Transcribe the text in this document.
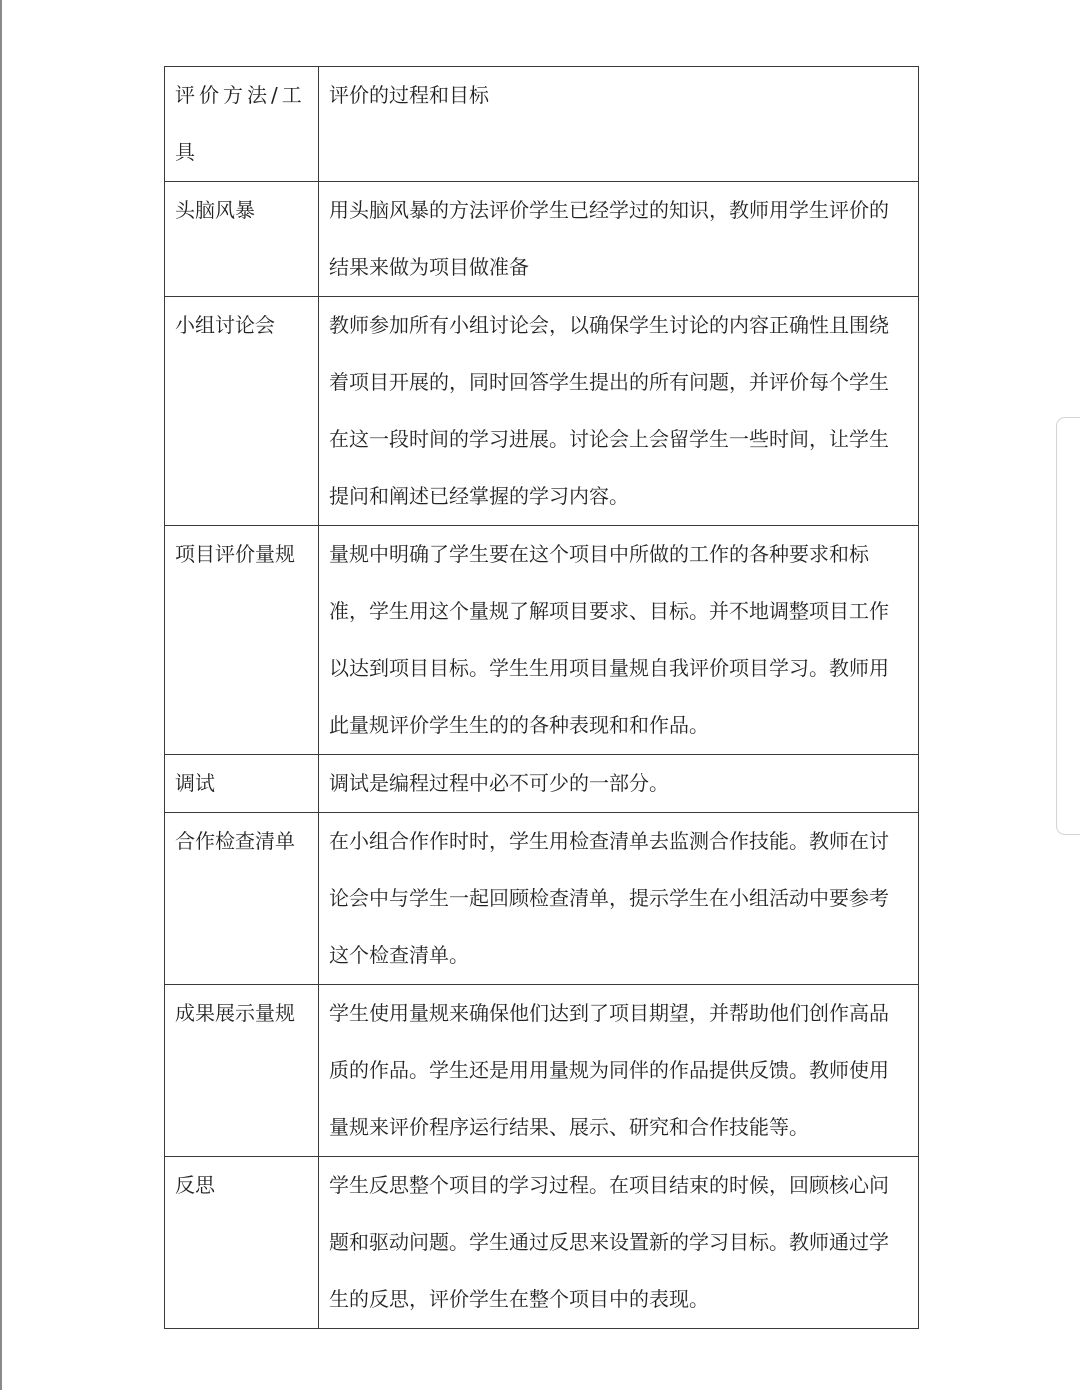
评价方法/工具	评价的过程和目标

头脑风暴	用头脑风暴的方法评价学生已经学过的知识，教师用学生评价的结果来做为项目做准备

小组讨论会	教师参加所有小组讨论会，以确保学生讨论的内容正确性且围绕着项目开展的，同时回答学生提出的所有问题，并评价每个学生在这一段时间的学习进展。讨论会上会留学生一些时间，让学生提问和阐述已经掌握的学习内容。

项目评价量规	量规中明确了学生要在这个项目中所做的工作的各种要求和标准，学生用这个量规了解项目要求、目标。并不地调整项目工作以达到项目目标。学生生用项目量规自我评价项目学习。教师用此量规评价学生生的的各种表现和和作品。

调试	调试是编程过程中必不可少的一部分。

合作检查清单	在小组合作作时时，学生用检查清单去监测合作技能。教师在讨论会中与学生一起回顾检查清单，提示学生在小组活动中要参考这个检查清单。

成果展示量规	学生使用量规来确保他们达到了项目期望，并帮助他们创作高品质的作品。学生还是用用量规为同伴的作品提供反馈。教师使用量规来评价程序运行结果、展示、研究和合作技能等。

反思	学生反思整个项目的学习过程。在项目结束的时候，回顾核心问题和驱动问题。学生通过反思来设置新的学习目标。教师通过学生的反思，评价学生在整个项目中的表现。
